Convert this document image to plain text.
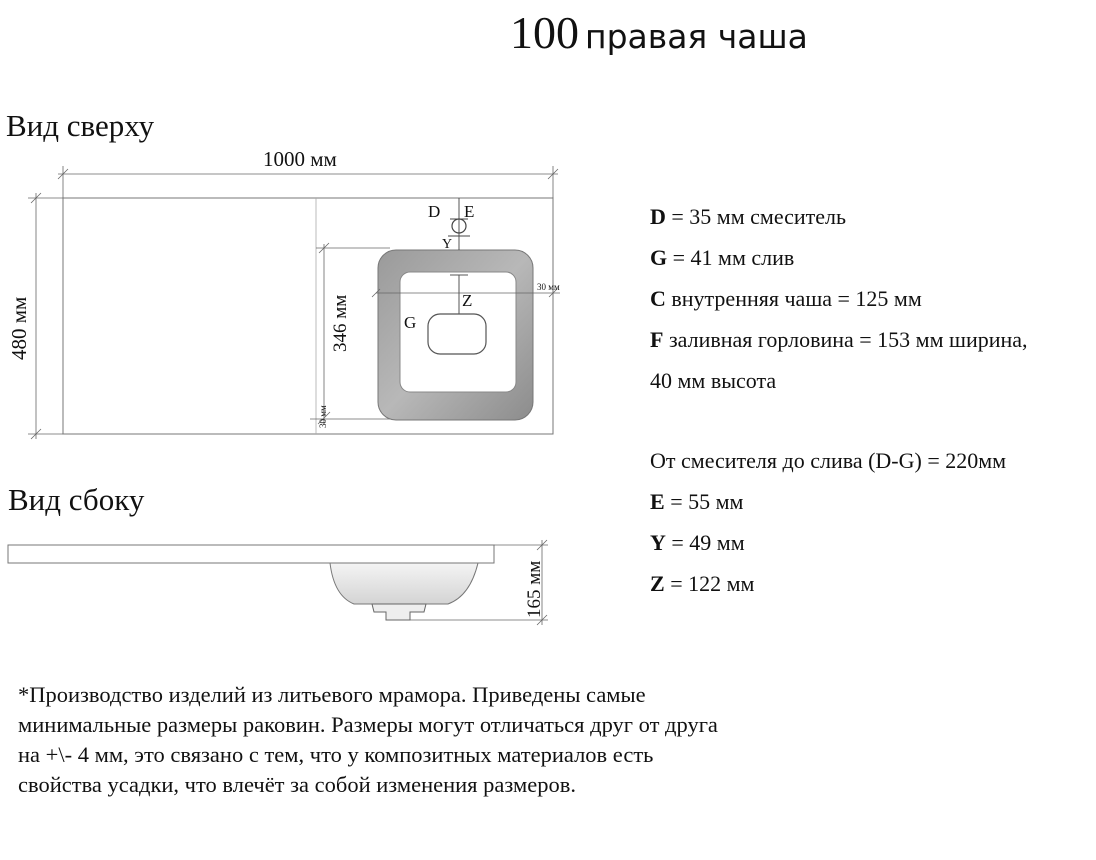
100 правая чаша
Вид сверху
Вид сбоку
1000 мм
480 мм	346 мм
30 мм
30 мм
D E
Y
Z
G
165 мм
D = 35 мм смеситель
G = 41 мм слив
C внутренняя чаша = 125 мм
F заливная горловина = 153 мм ширина,
40 мм высота
От смесителя до слива (D-G) = 220мм
E = 55 мм
Y = 49 мм
Z = 122 мм
*Производство изделий из литьевого мрамора. Приведены самые минимальные размеры раковин. Размеры могут отличаться друг от друга на +\- 4 мм, это связано с тем, что у композитных материалов есть свойства усадки, что влечёт за собой изменения размеров.
